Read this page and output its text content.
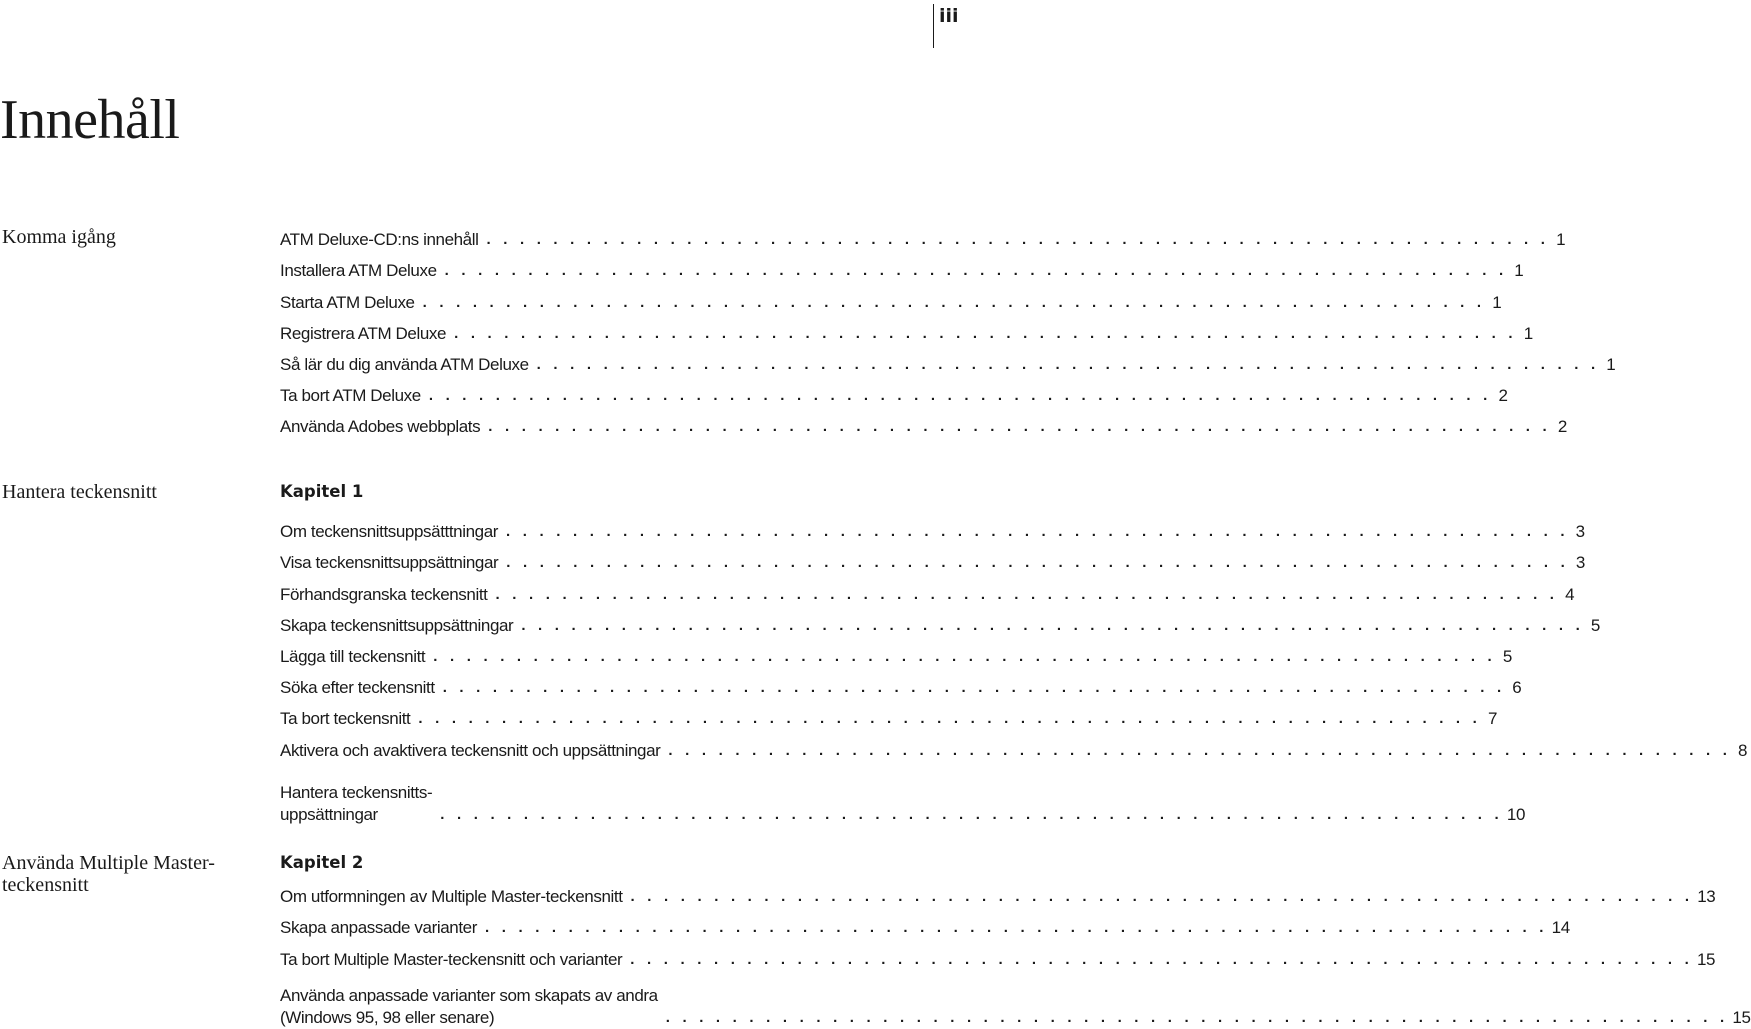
iii
Innehåll
Komma igång	ATM Deluxe-CD:ns innehåll . . . . . . . . . . . . . . . . . . . . . . . . . . . . . . . . . . . . . . . . . . . . . . . . . . . . . . . . . . . . . . . . 1
Installera ATM Deluxe . . . . . . . . . . . . . . . . . . . . . . . . . . . . . . . . . . . . . . . . . . . . . . . . . . . . . . . . . . . . . . . . 1
Starta ATM Deluxe . . . . . . . . . . . . . . . . . . . . . . . . . . . . . . . . . . . . . . . . . . . . . . . . . . . . . . . . . . . . . . . . 1
Registrera ATM Deluxe . . . . . . . . . . . . . . . . . . . . . . . . . . . . . . . . . . . . . . . . . . . . . . . . . . . . . . . . . . . . . . . . 1
Så lär du dig använda ATM Deluxe . . . . . . . . . . . . . . . . . . . . . . . . . . . . . . . . . . . . . . . . . . . . . . . . . . . . . . . . . . . . . . . . 1
Ta bort ATM Deluxe . . . . . . . . . . . . . . . . . . . . . . . . . . . . . . . . . . . . . . . . . . . . . . . . . . . . . . . . . . . . . . . . 2
Använda Adobes webbplats . . . . . . . . . . . . . . . . . . . . . . . . . . . . . . . . . . . . . . . . . . . . . . . . . . . . . . . . . . . . . . . . 2
Hantera teckensnitt	Kapitel 1
Om teckensnittsuppsätttningar . . . . . . . . . . . . . . . . . . . . . . . . . . . . . . . . . . . . . . . . . . . . . . . . . . . . . . . . . . . . . . . . 3
Visa teckensnittsuppsättningar . . . . . . . . . . . . . . . . . . . . . . . . . . . . . . . . . . . . . . . . . . . . . . . . . . . . . . . . . . . . . . . . 3
Förhandsgranska teckensnitt . . . . . . . . . . . . . . . . . . . . . . . . . . . . . . . . . . . . . . . . . . . . . . . . . . . . . . . . . . . . . . . . 4
Skapa teckensnittsuppsättningar . . . . . . . . . . . . . . . . . . . . . . . . . . . . . . . . . . . . . . . . . . . . . . . . . . . . . . . . . . . . . . . . 5
Lägga till teckensnitt . . . . . . . . . . . . . . . . . . . . . . . . . . . . . . . . . . . . . . . . . . . . . . . . . . . . . . . . . . . . . . . . 5
Söka efter teckensnitt . . . . . . . . . . . . . . . . . . . . . . . . . . . . . . . . . . . . . . . . . . . . . . . . . . . . . . . . . . . . . . . . 6
Ta bort teckensnitt . . . . . . . . . . . . . . . . . . . . . . . . . . . . . . . . . . . . . . . . . . . . . . . . . . . . . . . . . . . . . . . . 7
Aktivera och avaktivera teckensnitt och uppsättningar . . . . . . . . . . . . . . . . . . . . . . . . . . . . . . . . . . . . . . . . . . . . . . . . . . . . . . . . . . . . . . . . 8
Hantera teckensnitts-
uppsättningar	. . . . . . . . . . . . . . . . . . . . . . . . . . . . . . . . . . . . . . . . . . . . . . . . . . . . . . . . . . . . . . . . 10
Använda Multiple Master-
teckensnitt
Kapitel 2
Om utformningen av Multiple Master-teckensnitt . . . . . . . . . . . . . . . . . . . . . . . . . . . . . . . . . . . . . . . . . . . . . . . . . . . . . . . . . . . . . . . . 13
Skapa anpassade varianter . . . . . . . . . . . . . . . . . . . . . . . . . . . . . . . . . . . . . . . . . . . . . . . . . . . . . . . . . . . . . . . . 14
Ta bort Multiple Master-teckensnitt och varianter . . . . . . . . . . . . . . . . . . . . . . . . . . . . . . . . . . . . . . . . . . . . . . . . . . . . . . . . . . . . . . . . 15
Använda anpassade varianter som skapats av andra
(Windows 95, 98 eller senare)	. . . . . . . . . . . . . . . . . . . . . . . . . . . . . . . . . . . . . . . . . . . . . . . . . . . . . . . . . . . . . . . . 15
